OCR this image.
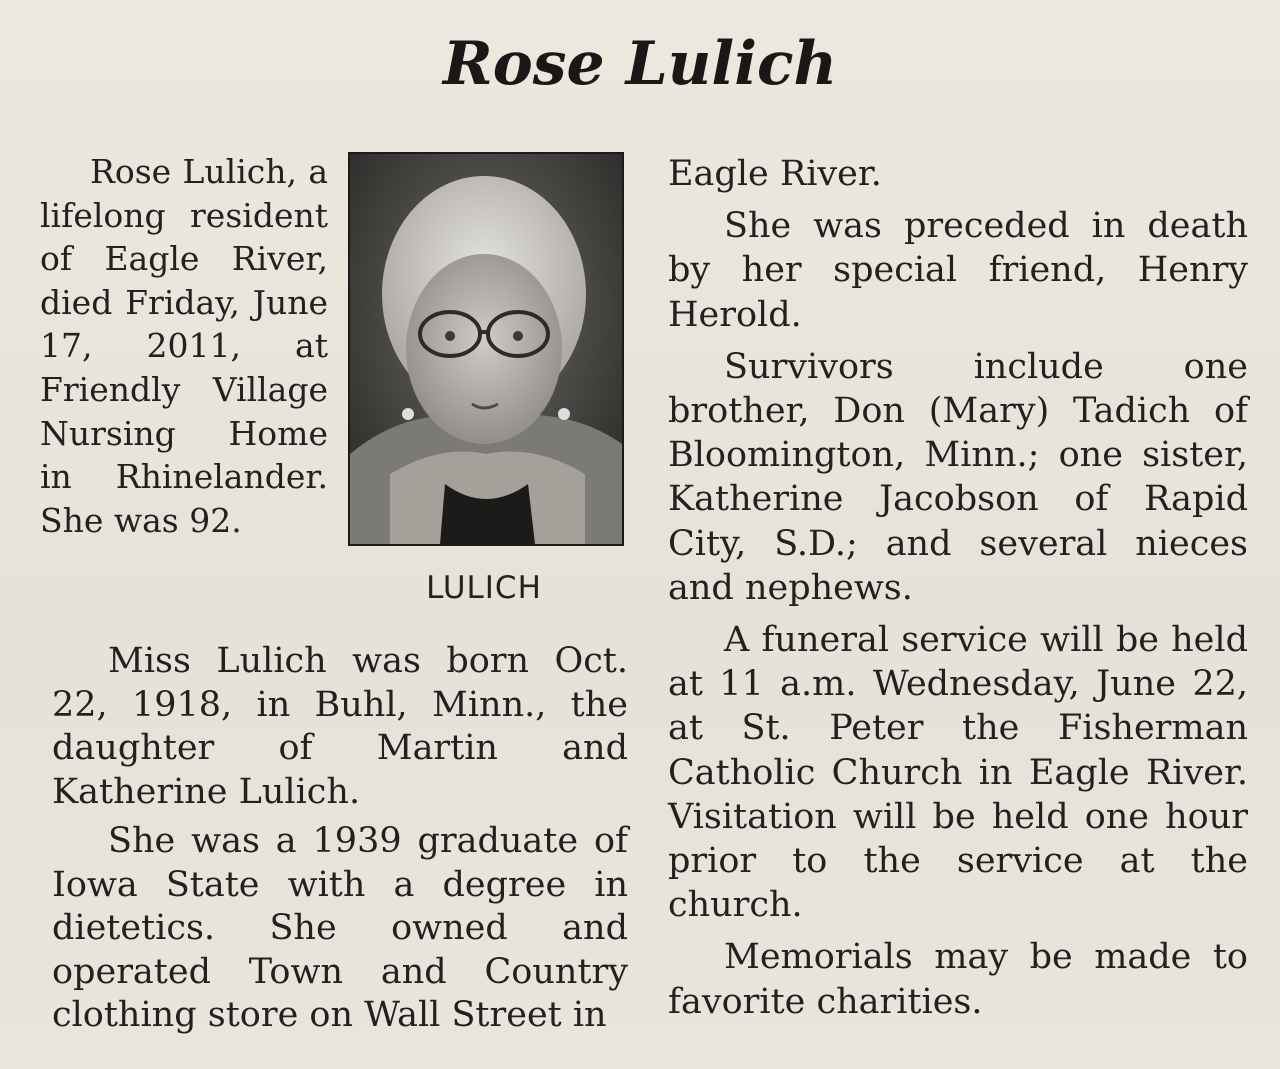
Rose Lulich

Rose Lulich, a lifelong resident of Eagle River, died Friday, June 17, 2011, at Friendly Village Nursing Home in Rhinelander. She was 92.

LULICH

Miss Lulich was born Oct. 22, 1918, in Buhl, Minn., the daughter of Martin and Katherine Lulich.

She was a 1939 graduate of Iowa State with a degree in dietetics. She owned and operated Town and Country clothing store on Wall Street in

Eagle River.

She was preceded in death by her special friend, Henry Herold.

Survivors include one brother, Don (Mary) Tadich of Bloomington, Minn.; one sister, Katherine Jacobson of Rapid City, S.D.; and several nieces and nephews.

A funeral service will be held at 11 a.m. Wednesday, June 22, at St. Peter the Fisherman Catholic Church in Eagle River. Visitation will be held one hour prior to the service at the church.

Memorials may be made to favorite charities.
